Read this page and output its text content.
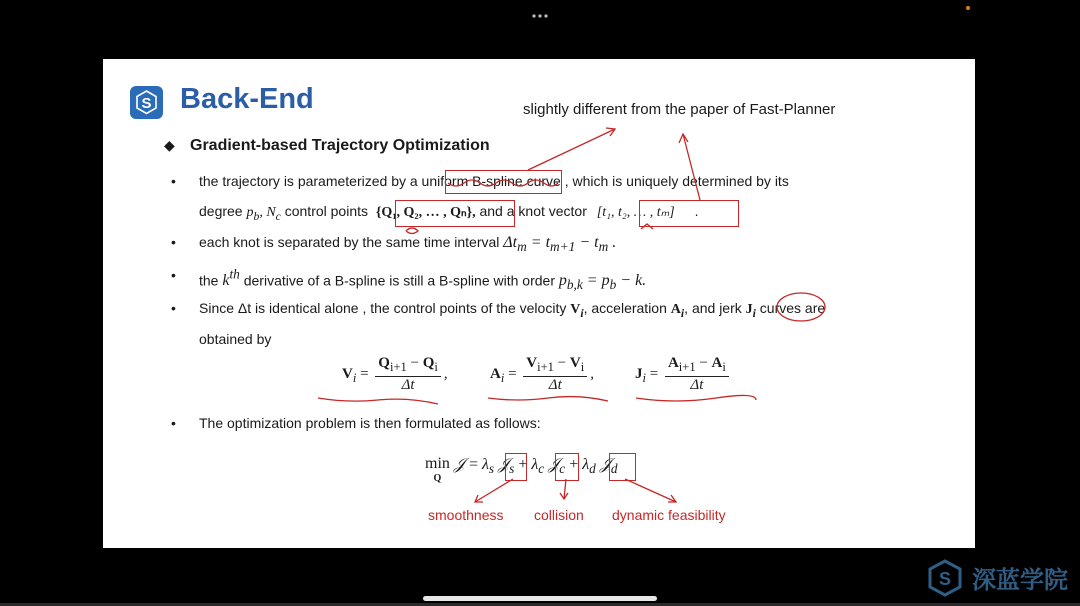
S Back-End	slightly different from the paper of Fast-Planner
◆ Gradient-based Trajectory Optimization
• the trajectory is parameterized by a uniform B-spline curve , which is uniquely determined by its
degree $p_b$, $N_c$ control points {Q₁, Q₂, … , Qₙ}, and a knot vector [t₁, t₂, … , tₘ] .
• each knot is separated by the same time interval $\Delta t_m = t_{m+1} - t_m$ .
• the $k^{th}$ derivative of a B-spline is still a B-spline with order $p_{b,k} = p_b - k$.
• Since Δt is identical alone , the control points of the velocity $V_i$, acceleration $A_i$, and jerk $J_i$ curves are
obtained by
$V_i = \frac{Q_{i+1} - Q_i}{\Delta t}$ ,	$A_i = \frac{V_{i+1} - V_i}{\Delta t}$ ,	$J_i = \frac{A_{i+1} - A_i}{\Delta t}$
• The optimization problem is then formulated as follows:
min
Q
𝒥 = $\lambda_s$ 𝒥$_s$ + $\lambda_c$ 𝒥$_c$ + $\lambda_d$ 𝒥$_d$
smoothness collision dynamic feasibility
S 深蓝学院
